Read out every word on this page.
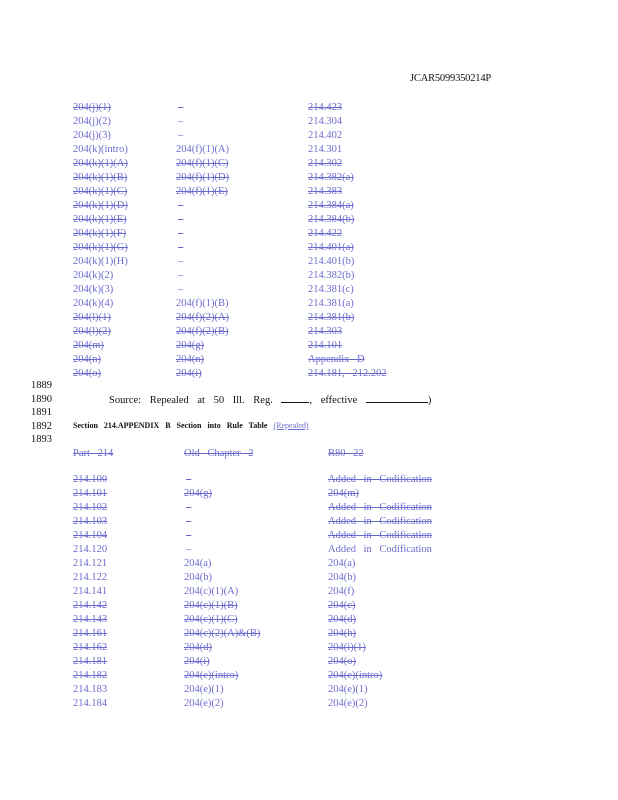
JCAR5099350214P
204(j)(1)	–	214.423
204(j)(2)	–	214.304
204(j)(3)	–	214.402
204(k)(intro)	204(f)(1)(A)	214.301
204(k)(1)(A)	204(f)(1)(C)	214.302
204(k)(1)(B)	204(f)(1)(D)	214.382(a)
204(k)(1)(C)	204(f)(1)(E)	214.383
204(k)(1)(D)	–	214.384(a)
204(k)(1)(E)	–	214.384(b)
204(k)(1)(F)	–	214.422
204(k)(1)(G)	–	214.401(a)
204(k)(1)(H)	–	214.401(b)
204(k)(2)	–	214.382(b)
204(k)(3)	–	214.381(c)
204(k)(4)	204(f)(1)(B)	214.381(a)
204(l)(1)	204(f)(2)(A)	214.381(b)
204(l)(2)	204(f)(2)(B)	214.303
204(m)	204(g)	214.101
204(n)	204(n)	Appendix D
204(o)	204(i)	214.181, 212.202
1889
1890
1891
1892
1893
Source: Repealed at 50 Ill. Reg.	, effective	)
Section 214.APPENDIX B Section into Rule Table (Repealed)
Part 214	Old Chapter 2	R80 22
214.100	–	Added in Codification
214.101	204(g)	204(m)
214.102	–	Added in Codification
214.103	–	Added in Codification
214.104	–	Added in Codification
214.120	–	Added in Codification
214.121	204(a)	204(a)
214.122	204(b)	204(b)
214.141	204(c)(1)(A)	204(f)
214.142	204(c)(1)(B)	204(c)
214.143	204(c)(1)(C)	204(d)
214.161	204(c)(2)(A)&(B)	204(h)
214.162	204(d)	204(i)(1)
214.181	204(i)	204(o)
214.182	204(e)(intro)	204(e)(intro)
214.183	204(e)(1)	204(e)(1)
214.184	204(e)(2)	204(e)(2)
